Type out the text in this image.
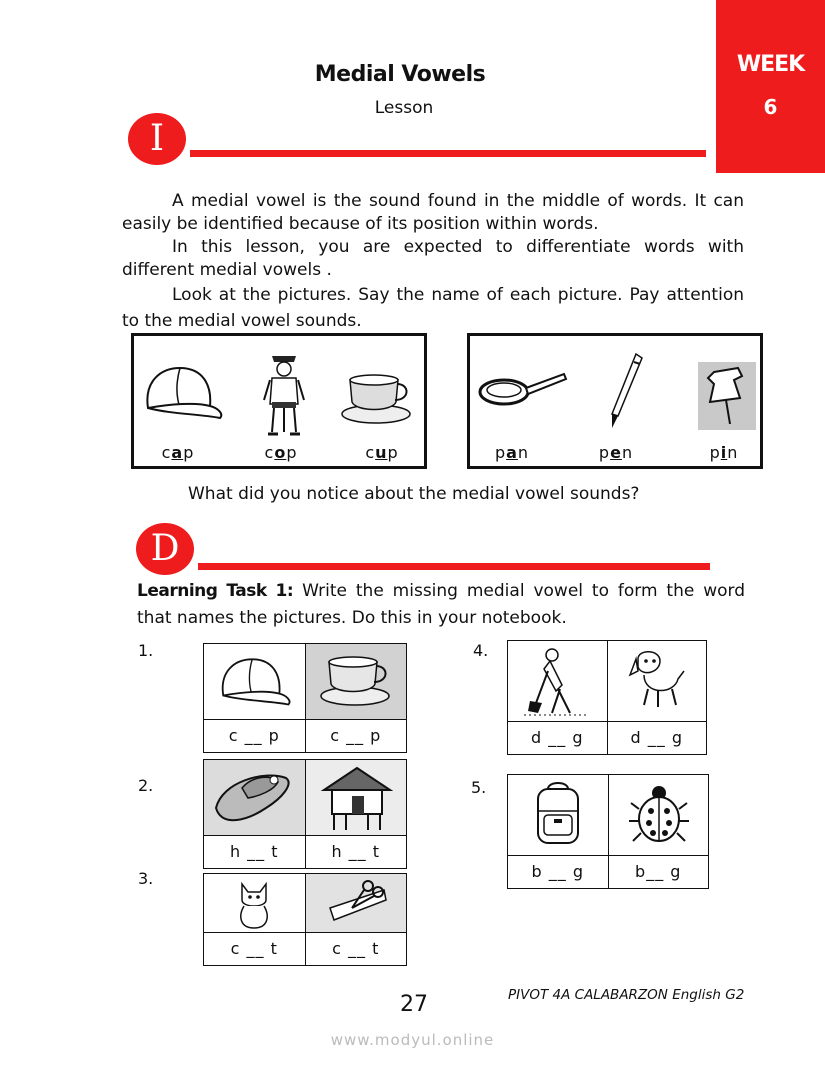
WEEK
6
Medial Vowels
Lesson
I

A medial vowel is the sound found in the middle of words. It can easily be identified because of its position within words.

In this lesson, you are expected to differentiate words with different medial vowels .

Look at the pictures. Say the name of each picture. Pay attention to the medial vowel sounds.

cap	cop	cup	pan	pen	pin
What did you notice about the medial vowel sounds?
D
Learning Task 1: Write the missing medial vowel to form the word that names the pictures. Do this in your notebook.
1.
c __ p	c __ p
2.
h __ t	h __ t
3.
c __ t	c __ t
4.
d __ g	d __ g
5.
b __ g	b__ g
27	PIVOT 4A CALABARZON English G2
www.modyul.online
